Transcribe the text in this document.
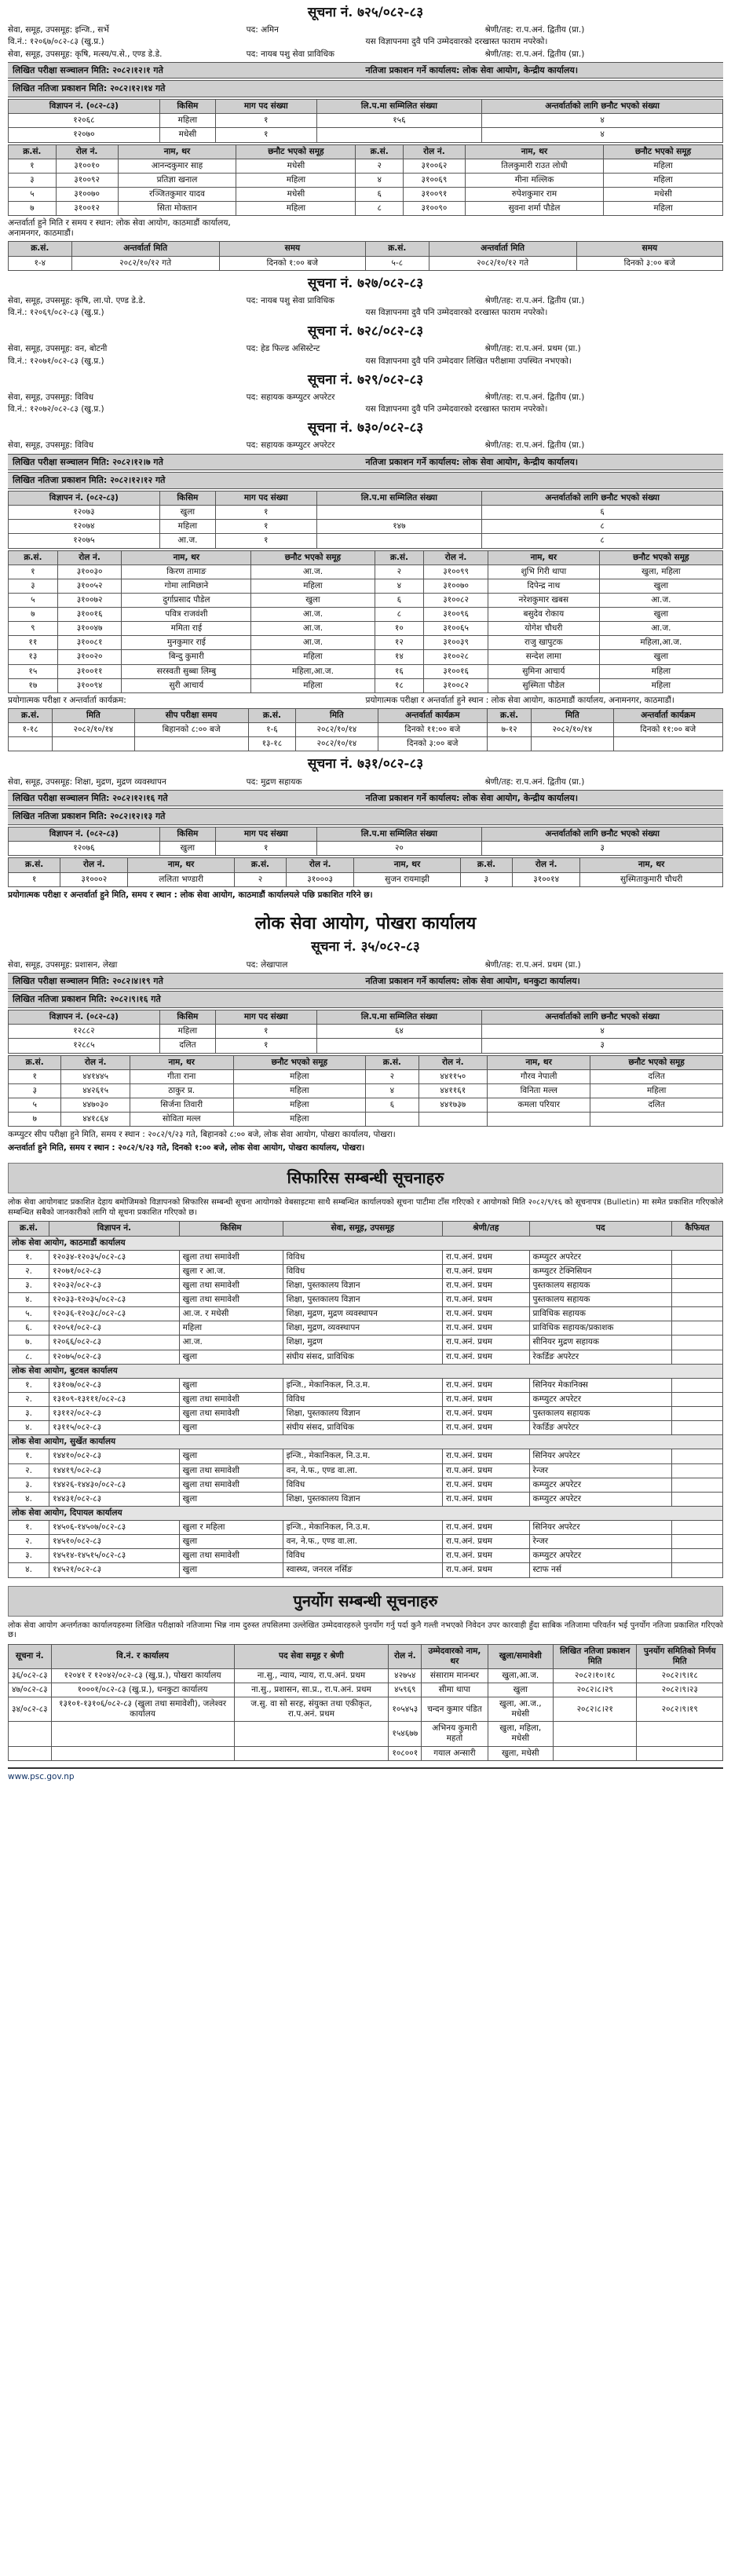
सूचना नं. ७२५/०८२-८३
सेवा, समूह, उपसमूह: इन्जि., सर्भे	पद: अमिन	श्रेणी/तह: रा.प.अनं. द्वितीय (प्रा.)
वि.नं.: १२०६७/०८२-८३ (खु.प्र.)	यस विज्ञापनमा दुवै पनि उम्मेदवारको दरखास्त फाराम नपरेको।
सेवा, समूह, उपसमूह: कृषि, मत्स्य/प.से., एण्ड डे.डे.	पद: नायब पशु सेवा प्राविधिक	श्रेणी/तह: रा.प.अनं. द्वितीय (प्रा.)
लिखित परीक्षा सञ्चालन मिति: २०८२।१२।१ गते	नतिजा प्रकाशन गर्ने कार्यालय: लोक सेवा आयोग, केन्द्रीय कार्यालय।
लिखित नतिजा प्रकाशन मिति: २०८२।१२।१४ गते
विज्ञापन नं. (०८२-८३)	किसिम	माग पद संख्या	लि.प.मा सम्मिलित संख्या	अन्तर्वार्ताको लागि छनौट भएको संख्या
१२०६८	महिला	१	१५६	४
१२०७०	मधेसी	१		४
क्र.सं.	रोल नं.	नाम, थर	छनौट भएको समूह	क्र.सं.	रोल नं.	नाम, थर	छनौट भएको समूह
१	३१००१०	आनन्दकुमार साह	मधेसी	२	३१००६२	तिलकुमारी राउत लोधी	महिला
३	३१००९२	प्रतिज्ञा खनाल	महिला	४	३१००६९	मीना मल्लिक	महिला
५	३१००७०	रञ्जितकुमार यादव	मधेसी	६	३१००९१	रुपेशकुमार राम	मधेसी
७	३१००१२	सिता मोक्तान	महिला	८	३१००९०	सुवना शर्मा पौडेल	महिला
अन्तर्वार्ता हुने मिति र समय र स्थान: लोक सेवा आयोग, काठमाडौं कार्यालय, अनामनगर, काठमाडौं।
क्र.सं.	अन्तर्वार्ता मिति	समय	क्र.सं.	अन्तर्वार्ता मिति	समय
१-४	२०८२/१०/१२ गते	दिनको १:०० बजे	५-८	२०८२/१०/१२ गते	दिनको ३:०० बजे
सूचना नं. ७२७/०८२-८३
सेवा, समूह, उपसमूह: कृषि, ला.पो. एण्ड डे.डे.	पद: नायब पशु सेवा प्राविधिक	श्रेणी/तह: रा.प.अनं. द्वितीय (प्रा.)
वि.नं.: १२०६९/०८२-८३ (खु.प्र.)	यस विज्ञापनमा दुवै पनि उम्मेदवारको दरखास्त फाराम नपरेको।
सूचना नं. ७२८/०८२-८३
सेवा, समूह, उपसमूह: वन, बोटनी	पद: हेड फिल्ड असिस्टेन्ट	श्रेणी/तह: रा.प.अनं. प्रथम (प्रा.)
वि.नं.: १२०७१/०८२-८३ (खु.प्र.)	यस विज्ञापनमा दुवै पनि उम्मेदवार लिखित परीक्षामा उपस्थित नभएको।
सूचना नं. ७२९/०८२-८३
सेवा, समूह, उपसमूह: विविध	पद: सहायक कम्प्युटर अपरेटर	श्रेणी/तह: रा.प.अनं. द्वितीय (प्रा.)
वि.नं.: १२०७२/०८२-८३ (खु.प्र.)	यस विज्ञापनमा दुवै पनि उम्मेदवारको दरखास्त फाराम नपरेको।
सूचना नं. ७३०/०८२-८३
सेवा, समूह, उपसमूह: विविध	पद: सहायक कम्प्युटर अपरेटर	श्रेणी/तह: रा.प.अनं. द्वितीय (प्रा.)
लिखित परीक्षा सञ्चालन मिति: २०८२।१२।७ गते	नतिजा प्रकाशन गर्ने कार्यालय: लोक सेवा आयोग, केन्द्रीय कार्यालय।
लिखित नतिजा प्रकाशन मिति: २०८२।१२।१२ गते
विज्ञापन नं. (०८२-८३)	किसिम	माग पद संख्या	लि.प.मा सम्मिलित संख्या	अन्तर्वार्ताको लागि छनौट भएको संख्या
१२०७३	खुला	१		६
१२०७४	महिला	१	१४७	८
१२०७५	आ.ज.	१		८
क्र.सं.	रोल नं.	नाम, थर	छनौट भएको समूह	क्र.सं.	रोल नं.	नाम, थर	छनौट भएको समूह
१	३१००३०	किरण तामाङ	आ.ज.	२	३१००९९	शुभि गिरी थापा	खुला, महिला
३	३१००५२	गोमा लामिछाने	महिला	४	३१००७०	दिपेन्द्र नाथ	खुला
५	३१००७२	दुर्गाप्रसाद पौडेल	खुला	६	३१००८२	नरेशकुमार खबस	आ.ज.
७	३१००१६	पवित्र राजवंशी	आ.ज.	८	३१००९६	बसुदेव रोकाय	खुला
९	३१००४७	ममिता राई	आ.ज.	१०	३१००६५	योगेश चौधरी	आ.ज.
११	३१००८१	मुनकुमार राई	आ.ज.	१२	३१००३९	राजु खापुटक	महिला,आ.ज.
१३	३१००२०	बिन्दु कुमारी	महिला	१४	३१००२८	सन्देश लामा	खुला
१५	३१००११	सरस्वती सुब्बा लिम्बु	महिला,आ.ज.	१६	३१००१६	सुमिना आचार्य	महिला
१७	३१००९४	सुरी आचार्य	महिला	१८	३१००८२	सुस्मिता पौडेल	महिला
प्रयोगात्मक परीक्षा र अन्तर्वार्ता कार्यक्रम:	प्रयोगात्मक परीक्षा र अन्तर्वार्ता हुने स्थान : लोक सेवा आयोग, काठमाडौं कार्यालय, अनामनगर, काठमाडौं।
क्र.सं.	मिति	सीप परीक्षा समय	क्र.सं.	मिति	अन्तर्वार्ता कार्यक्रम	क्र.सं.	मिति	अन्तर्वार्ता कार्यक्रम
१-१८	२०८२/१०/१४	बिहानको ८:०० बजे	१-६	२०८२/१०/१४	दिनको ११:०० बजे	७-१२	२०८२/१०/१४	दिनको ११:०० बजे
			१३-१८	२०८२/१०/१४	दिनको ३:०० बजे			
सूचना नं. ७३१/०८२-८३
सेवा, समूह, उपसमूह: शिक्षा, मुद्रण, मुद्रण व्यवस्थापन	पद: मुद्रण सहायक	श्रेणी/तह: रा.प.अनं. द्वितीय (प्रा.)
लिखित परीक्षा सञ्चालन मिति: २०८२।१२।१६ गते	नतिजा प्रकाशन गर्ने कार्यालय: लोक सेवा आयोग, केन्द्रीय कार्यालय।
लिखित नतिजा प्रकाशन मिति: २०८२।१२।१३ गते
विज्ञापन नं. (०८२-८३)	किसिम	माग पद संख्या	लि.प.मा सम्मिलित संख्या	अन्तर्वार्ताको लागि छनौट भएको संख्या
१२०७६	खुला	१	२०	३
क्र.सं.	रोल नं.	नाम, थर	क्र.सं.	रोल नं.	नाम, थर	क्र.सं.	रोल नं.	नाम, थर
१	३१०००२	ललिता भण्डारी	२	३१०००३	सुजन रायमाझी	३	३१००१४	सुस्मिताकुमारी चौधरी
प्रयोगात्मक परीक्षा र अन्तर्वार्ता हुने मिति, समय र स्थान : लोक सेवा आयोग, काठमाडौं कार्यालयले पछि प्रकाशित गरिने छ।
लोक सेवा आयोग, पोखरा कार्यालय
सूचना नं. ३५/०८२-८३
सेवा, समूह, उपसमूह: प्रशासन, लेखा	पद: लेखापाल	श्रेणी/तह: रा.प.अनं. प्रथम (प्रा.)
लिखित परीक्षा सञ्चालन मिति: २०८२।४।१९ गते	नतिजा प्रकाशन गर्ने कार्यालय: लोक सेवा आयोग, धनकुटा कार्यालय।
लिखित नतिजा प्रकाशन मिति: २०८२।९।१६ गते
विज्ञापन नं. (०८२-८३)	किसिम	माग पद संख्या	लि.प.मा सम्मिलित संख्या	अन्तर्वार्ताको लागि छनौट भएको संख्या
१२८८२	महिला	१	६४	४
१२८८५	दलित	१		३
क्र.सं.	रोल नं.	नाम, थर	छनौट भएको समूह	क्र.सं.	रोल नं.	नाम, थर	छनौट भएको समूह
१	४४१४४५	गीता राना	महिला	२	४४११५०	गौरव नेपाली	दलित
३	४४२६१५	ठाकुर प्र.	महिला	४	४४११६१	विनिता मल्ल	महिला
५	४४७०३०	सिर्जना तिवारी	महिला	६	४४१७३७	कमला परियार	दलित
७	४४१८६४	सोविता मल्ल	महिला				
कम्प्युटर सीप परीक्षा हुने मिति, समय र स्थान : २०८२/९/२३ गते, बिहानको ८:०० बजे, लोक सेवा आयोग, पोखरा कार्यालय, पोखरा।
अन्तर्वार्ता हुने मिति, समय र स्थान : २०८२/९/२३ गते, दिनको १:०० बजे, लोक सेवा आयोग, पोखरा कार्यालय, पोखरा।
सिफारिस सम्बन्धी सूचनाहरु
लोक सेवा आयोगबाट प्रकाशित देहाय बमोजिमको विज्ञापनको सिफारिस सम्बन्धी सूचना आयोगको वेबसाइटमा साथै सम्बन्धित कार्यालयको सूचना पाटीमा टाँस गरिएको र आयोगको मिति २०८२/९/१६ को सूचनापत्र (Bulletin) मा समेत प्रकाशित गरिएकोले सम्बन्धित सबैको जानकारीको लागि यो सूचना प्रकाशित गरिएको छ।
क्र.सं.	विज्ञापन नं.	किसिम	सेवा, समूह, उपसमूह	श्रेणी/तह	पद	कैफियत
लोक सेवा आयोग, काठमाडौं कार्यालय						
१.	१२०३४-१२०३५/०८२-८३	खुला तथा समावेशी	विविध	रा.प.अनं. प्रथम	कम्प्युटर अपरेटर	
२.	१२०७१/०८२-८३	खुला र आ.ज.	विविध	रा.प.अनं. प्रथम	कम्प्युटर टेक्निसियन	
३.	१२०३२/०८२-८३	खुला तथा समावेशी	शिक्षा, पुस्तकालय विज्ञान	रा.प.अनं. प्रथम	पुस्तकालय सहायक	
४.	१२०३३-१२०३५/०८२-८३	खुला तथा समावेशी	शिक्षा, पुस्तकालय विज्ञान	रा.प.अनं. प्रथम	पुस्तकालय सहायक	
५.	१२०३६-१२०३८/०८२-८३	आ.ज. र मधेसी	शिक्षा, मुद्रण, मुद्रण व्यवस्थापन	रा.प.अनं. प्रथम	प्राविधिक सहायक	
६.	१२०५१/०८२-८३	महिला	शिक्षा, मुद्रण, व्यवस्थापन	रा.प.अनं. प्रथम	प्राविधिक सहायक/प्रकाशक	
७.	१२०६६/०८२-८३	आ.ज.	शिक्षा, मुद्रण	रा.प.अनं. प्रथम	सीनियर मुद्रण सहायक	
८.	१२०७५/०८२-८३	खुला	संघीय संसद, प्राविधिक	रा.प.अनं. प्रथम	रेकर्डिङ अपरेटर	
लोक सेवा आयोग, बुटवल कार्यालय						
१.	१३१०७/०८२-८३	खुला	इन्जि., मेकानिकल, नि.उ.म.	रा.प.अनं. प्रथम	सिनियर मेकानिक्स	
२.	१३१०९-१३१११/०८२-८३	खुला तथा समावेशी	विविध	रा.प.अनं. प्रथम	कम्प्युटर अपरेटर	
३.	१३११२/०८२-८३	खुला तथा समावेशी	शिक्षा, पुस्तकालय विज्ञान	रा.प.अनं. प्रथम	पुस्तकालय सहायक	
४.	१३११५/०८२-८३	खुला	संघीय संसद, प्राविधिक	रा.प.अनं. प्रथम	रेकर्डिङ अपरेटर	
लोक सेवा आयोग, सुर्खेत कार्यालय						
१.	१४४१०/०८२-८३	खुला	इन्जि., मेकानिकल, नि.उ.म.	रा.प.अनं. प्रथम	सिनियर अपरेटर	
२.	१४४१९/०८२-८३	खुला तथा समावेशी	वन, ने.फ., एण्ड वा.ला.	रा.प.अनं. प्रथम	रेन्जर	
३.	१४४२६-१४४३०/०८२-८३	खुला तथा समावेशी	विविध	रा.प.अनं. प्रथम	कम्प्युटर अपरेटर	
४.	१४४३१/०८२-८३	खुला	शिक्षा, पुस्तकालय विज्ञान	रा.प.अनं. प्रथम	कम्प्युटर अपरेटर	
लोक सेवा आयोग, दिपायल कार्यालय						
१.	१४५०६-१४५०७/०८२-८३	खुला र महिला	इन्जि., मेकानिकल, नि.उ.म.	रा.प.अनं. प्रथम	सिनियर अपरेटर	
२.	१४५१०/०८२-८३	खुला	वन, ने.फ., एण्ड वा.ला.	रा.प.अनं. प्रथम	रेन्जर	
३.	१४५१४-१४५१५/०८२-८३	खुला तथा समावेशी	विविध	रा.प.अनं. प्रथम	कम्प्युटर अपरेटर	
४.	१४५२१/०८२-८३	खुला	स्वास्थ्य, जनरल नर्सिङ	रा.प.अनं. प्रथम	स्टाफ नर्स	
पुनर्योग सम्बन्धी सूचनाहरु
लोक सेवा आयोग अन्तर्गतका कार्यालयहरुमा लिखित परीक्षाको नतिजामा भिन्न नाम दुरुस्त तपसिलमा उल्लेखित उम्मेदवारहरुले पुनर्योग गर्नु पर्दा कुनै गल्ती नभएको निवेदन उपर कारवाही हुँदा साबिक नतिजामा परिवर्तन भई पुनर्योग नतिजा प्रकाशित गरिएको छ।
सूचना नं.	वि.नं. र कार्यालय	पद सेवा समूह र श्रेणी	रोल नं.	उम्मेदवारको नाम, थर	खुला/समावेशी	लिखित नतिजा प्रकाशन मिति	पुनर्योग समितिको निर्णय मिति
३६/०८२-८३	१२०४१ र १२०४२/०८२-८३ (खु.प्र.), पोखरा कार्यालय	ना.सु., न्याय, न्याय, रा.प.अनं. प्रथम	४२७५४	संसाराम मानन्धर	खुला,आ.ज.	२०८२।१०।१८	२०८२।९।१८
४७/०८२-८३	१०००१/०८२-८३ (खु.प्र.), धनकुटा कार्यालय	ना.सु., प्रशासन, सा.प्र., रा.प.अनं. प्रथम	४५९६९	सीमा थापा	खुला	२०८२।८।२९	२०८२।९।२३
३४/०८२-८३	१३१०१-१३१०६/०८२-८३ (खुला तथा समावेशी), जलेश्वर कार्यालय	ज.सु. वा सो सरह, संयुक्त तथा एकीकृत, रा.प.अनं. प्रथम	१०५४५३	चन्दन कुमार पंडित	खुला, आ.ज., मधेसी	२०८२।८।२१	२०८२।९।१९
			१५४६७७	अभिनय कुमारी महतो	खुला, महिला, मधेसी		
			१०८००१	गयाल अन्सारी	खुला, मधेसी		
www.psc.gov.np
